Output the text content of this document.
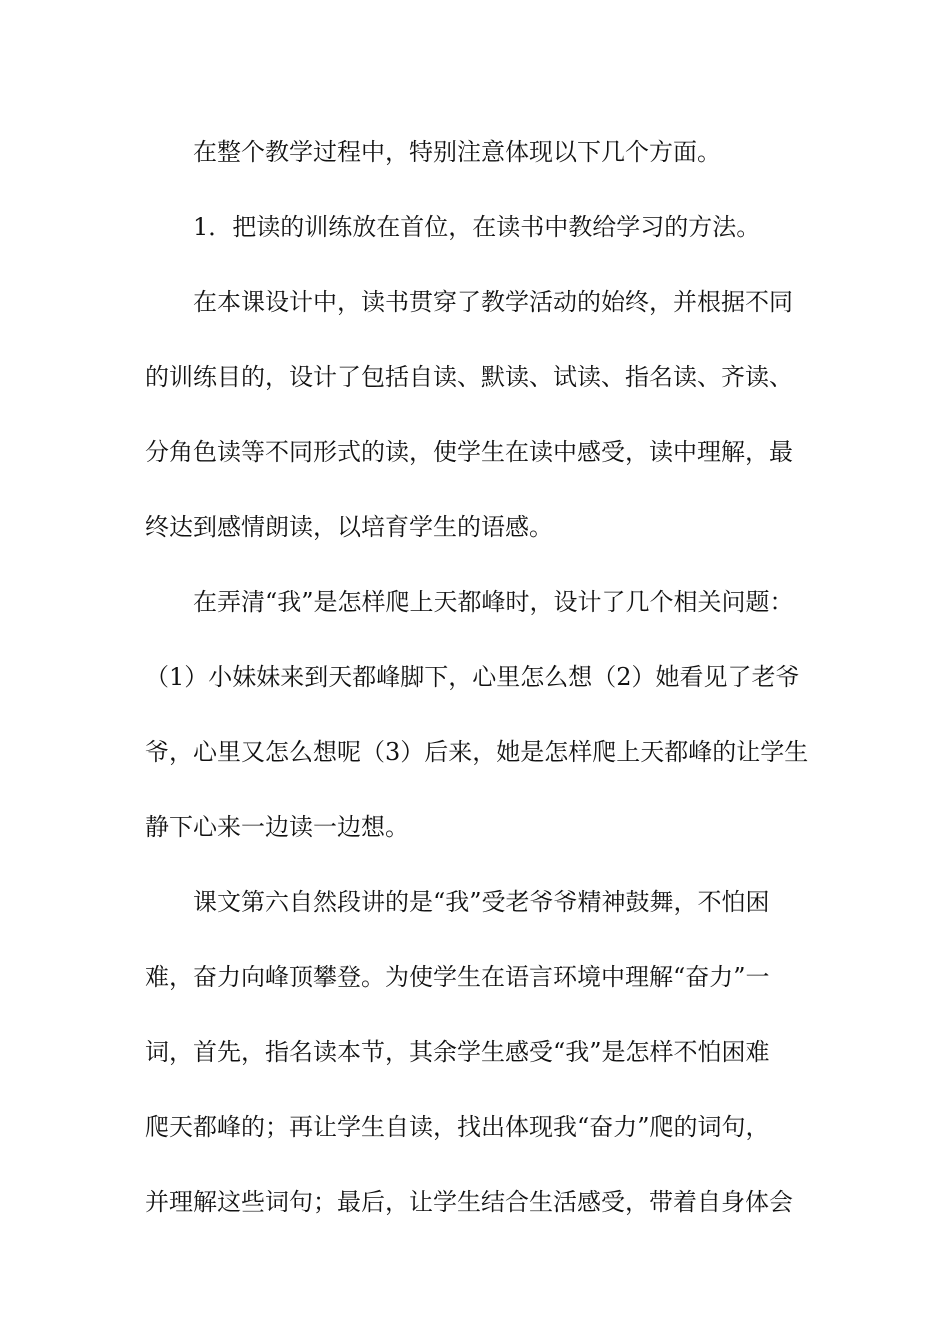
在整个教学过程中，特别注意体现以下几个方面。
1．把读的训练放在首位，在读书中教给学习的方法。
在本课设计中，读书贯穿了教学活动的始终，并根据不同
的训练目的，设计了包括自读、默读、试读、指名读、齐读、
分角色读等不同形式的读，使学生在读中感受，读中理解，最
终达到感情朗读，以培育学生的语感。
在弄清“我”是怎样爬上天都峰时，设计了几个相关问题：
（1）小妹妹来到天都峰脚下，心里怎么想（2）她看见了老爷
爷，心里又怎么想呢（3）后来，她是怎样爬上天都峰的让学生
静下心来一边读一边想。
课文第六自然段讲的是“我”受老爷爷精神鼓舞，不怕困
难，奋力向峰顶攀登。为使学生在语言环境中理解“奋力”一
词，首先，指名读本节，其余学生感受“我”是怎样不怕困难
爬天都峰的；再让学生自读，找出体现我“奋力”爬的词句，
并理解这些词句；最后，让学生结合生活感受，带着自身体会
